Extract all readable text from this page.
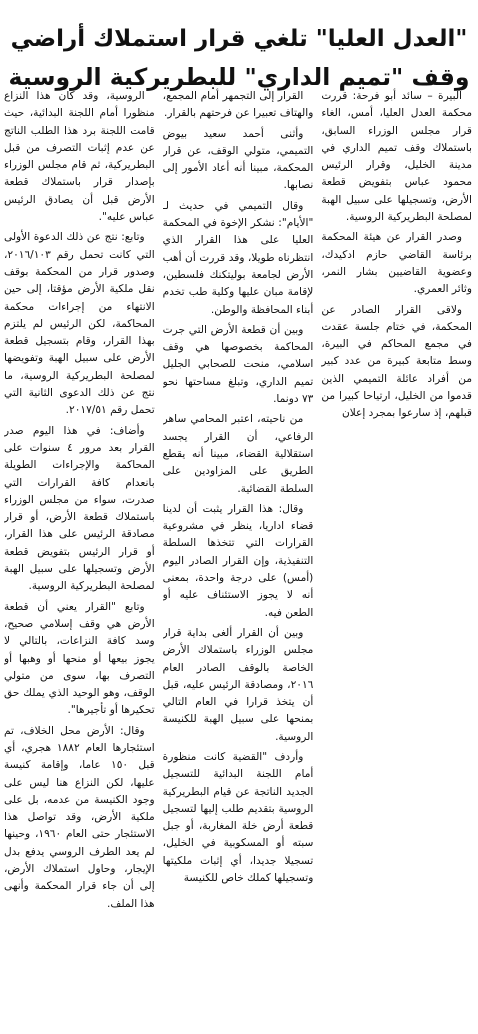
"العدل العليا" تلغي قرار استملاك أراضي
وقف "تميم الداري" للبطريركية الروسية

البيرة – سائد أبو فرحة: قررت محكمة العدل العليا، أمس، الغاء قرار مجلس الوزراء السابق، باستملاك وقف تميم الداري في مدينة الخليل، وقرار الرئيس محمود عباس بتفويض قطعة الأرض، وتسجيلها على سبيل الهبة لمصلحة البطريركية الروسية.

وصدر القرار عن هيئة المحكمة برئاسة القاضي حازم ادكيدك، وعضوية القاضيين بشار النمر، وثائر العمري.

ولاقى القرار الصادر عن المحكمة، في ختام جلسة عقدت في مجمع المحاكم في البيرة، وسط متابعة كبيرة من عدد كبير من أفراد عائلة التميمي الذين قدموا من الخليل، ارتياحا كبيرا من قبلهم، إذ سارعوا بمجرد إعلان

القرار إلى التجمهر أمام المجمع، والهتاف تعبيرا عن فرحتهم بالقرار.

وأثنى أحمد سعيد بيوض التميمي، متولي الوقف، عن قرار المحكمة، مبينا أنه أعاد الأمور إلى نصابها.

وقال التميمي في حديث لـ "الأيام": نشكر الإخوة في المحكمة العليا على هذا القرار الذي انتظرناه طويلا، وقد قررت أن أهب الأرض لجامعة بوليتكنك فلسطين، لإقامة مبان عليها وكلية طب تخدم أبناء المحافظة والوطن.

وبين أن قطعة الأرض التي جرت المحاكمة بخصوصها هي وقف اسلامي، منحت للصحابي الجليل تميم الداري، وتبلغ مساحتها نحو ٧٣ دونما.

من ناحيته، اعتبر المحامي ساهر الرفاعي، أن القرار يجسد استقلالية القضاء، مبينا أنه يقطع الطريق على المزاودين على السلطة القضائية.

وقال: هذا القرار يثبت أن لدينا قضاء اداريا، ينظر في مشروعية القرارات التي تتخذها السلطة التنفيذية، وإن القرار الصادر اليوم (أمس) على درجة واحدة، بمعنى أنه لا يجوز الاستئناف عليه أو الطعن فيه.

وبين أن القرار ألغى بداية قرار مجلس الوزراء باستملاك الأرض الخاصة بالوقف الصادر العام ٢٠١٦، ومصادقة الرئيس عليه، قبل أن يتخذ قرارا في العام التالي بمنحها على سبيل الهبة للكنيسة الروسية.

وأردف "القضية كانت منظورة أمام اللجنة البدائية للتسجيل الجديد الناتجة عن قيام البطريركية الروسية بتقديم طلب إليها لتسجيل قطعة أرض خلة المغاربة، أو جبل سبته أو المسكوبية في الخليل، تسجيلا جديدا، أي إثبات ملكيتها وتسجيلها كملك خاص للكنيسة

الروسية، وقد كان هذا النزاع منظورا أمام اللجنة البدائية، حيث قامت اللجنة برد هذا الطلب الناتج عن عدم إثبات التصرف من قبل البطريركية، ثم قام مجلس الوزراء بإصدار قرار باستملاك قطعة الأرض قبل أن يصادق الرئيس عباس عليه".

وتابع: نتج عن ذلك الدعوة الأولى التي كانت تحمل رقم ٢٠١٦/١٠٣، وصدور قرار من المحكمة بوقف نقل ملكية الأرض مؤقتا، إلى حين الانتهاء من إجراءات محكمة المحاكمة، لكن الرئيس لم يلتزم بهذا القرار، وقام بتسجيل قطعة الأرض على سبيل الهبة وتفويضها لمصلحة البطريركية الروسية، ما نتج عن ذلك الدعوى الثانية التي تحمل رقم ٢٠١٧/٥١.

وأضاف: في هذا اليوم صدر القرار بعد مرور ٤ سنوات على المحاكمة والإجراءات الطويلة بانعدام كافة القرارات التي صدرت، سواء من مجلس الوزراء باستملاك قطعة الأرض، أو قرار مصادقة الرئيس على هذا القرار، أو قرار الرئيس بتفويض قطعة الأرض وتسجيلها على سبيل الهبة لمصلحة البطريركية الروسية.

وتابع "القرار يعني أن قطعة الأرض هي وقف إسلامي صحيح، وسد كافة النزاعات، بالتالي لا يجوز بيعها أو منحها أو وهبها أو التصرف بها، سوى من متولي الوقف، وهو الوحيد الذي يملك حق تحكيرها أو تأجيرها".

وقال: الأرض محل الخلاف، تم استئجارها العام ١٨٨٢ هجري، أي قبل ١٥٠ عاما، وإقامة كنيسة عليها، لكن النزاع هنا ليس على وجود الكنيسة من عدمه، بل على ملكية الأرض، وقد تواصل هذا الاستئجار حتى العام ١٩٦٠، وحينها لم يعد الطرف الروسي يدفع بدل الإيجار، وحاول استملاك الأرض، إلى أن جاء قرار المحكمة وأنهى هذا الملف.
